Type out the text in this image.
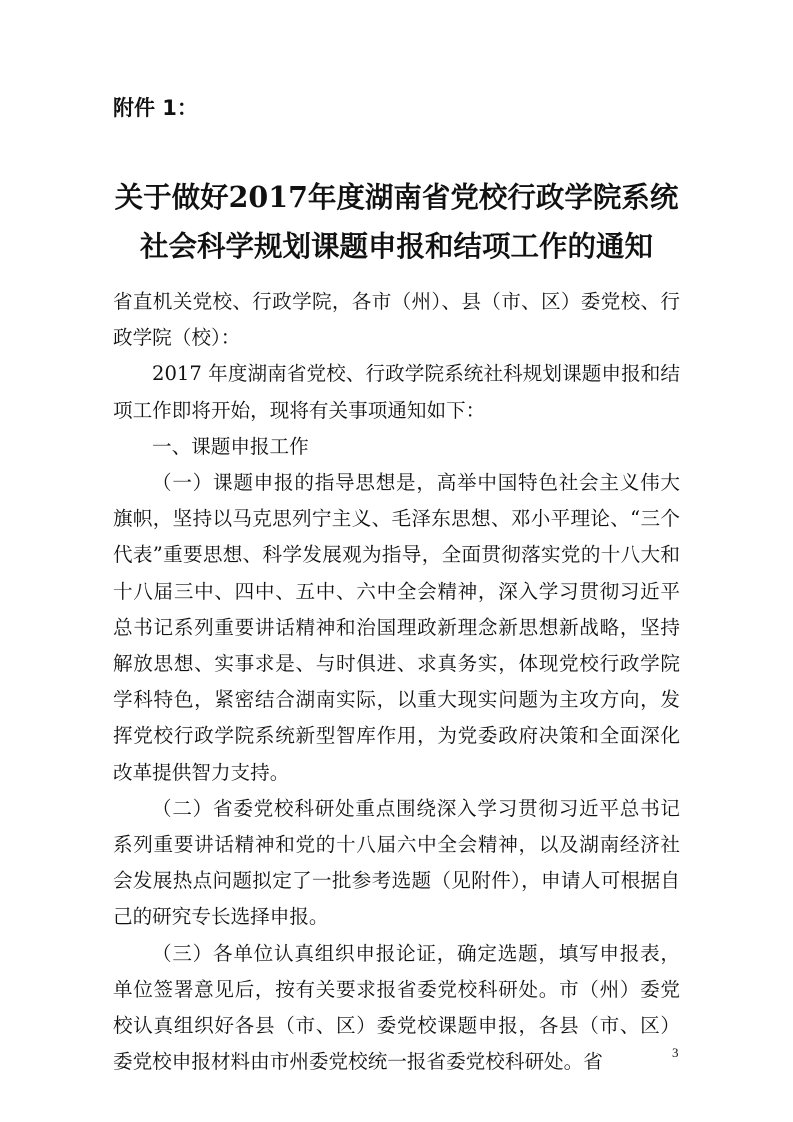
附件 1：
关于做好2017年度湖南省党校行政学院系统
社会科学规划课题申报和结项工作的通知

省直机关党校、行政学院，各市（州）、县（市、区）委党校、行政学院（校）：

2017 年度湖南省党校、行政学院系统社科规划课题申报和结项工作即将开始，现将有关事项通知如下：

一、课题申报工作

（一）课题申报的指导思想是，高举中国特色社会主义伟大旗帜，坚持以马克思列宁主义、毛泽东思想、邓小平理论、“三个代表”重要思想、科学发展观为指导，全面贯彻落实党的十八大和十八届三中、四中、五中、六中全会精神，深入学习贯彻习近平总书记系列重要讲话精神和治国理政新理念新思想新战略，坚持解放思想、实事求是、与时俱进、求真务实，体现党校行政学院学科特色，紧密结合湖南实际，以重大现实问题为主攻方向，发挥党校行政学院系统新型智库作用，为党委政府决策和全面深化改革提供智力支持。

（二）省委党校科研处重点围绕深入学习贯彻习近平总书记系列重要讲话精神和党的十八届六中全会精神，以及湖南经济社会发展热点问题拟定了一批参考选题（见附件），申请人可根据自己的研究专长选择申报。

（三）各单位认真组织申报论证，确定选题，填写申报表，单位签署意见后，按有关要求报省委党校科研处。市（州）委党校认真组织好各县（市、区）委党校课题申报，各县（市、区）委党校申报材料由市州委党校统一报省委党校科研处。省	3
